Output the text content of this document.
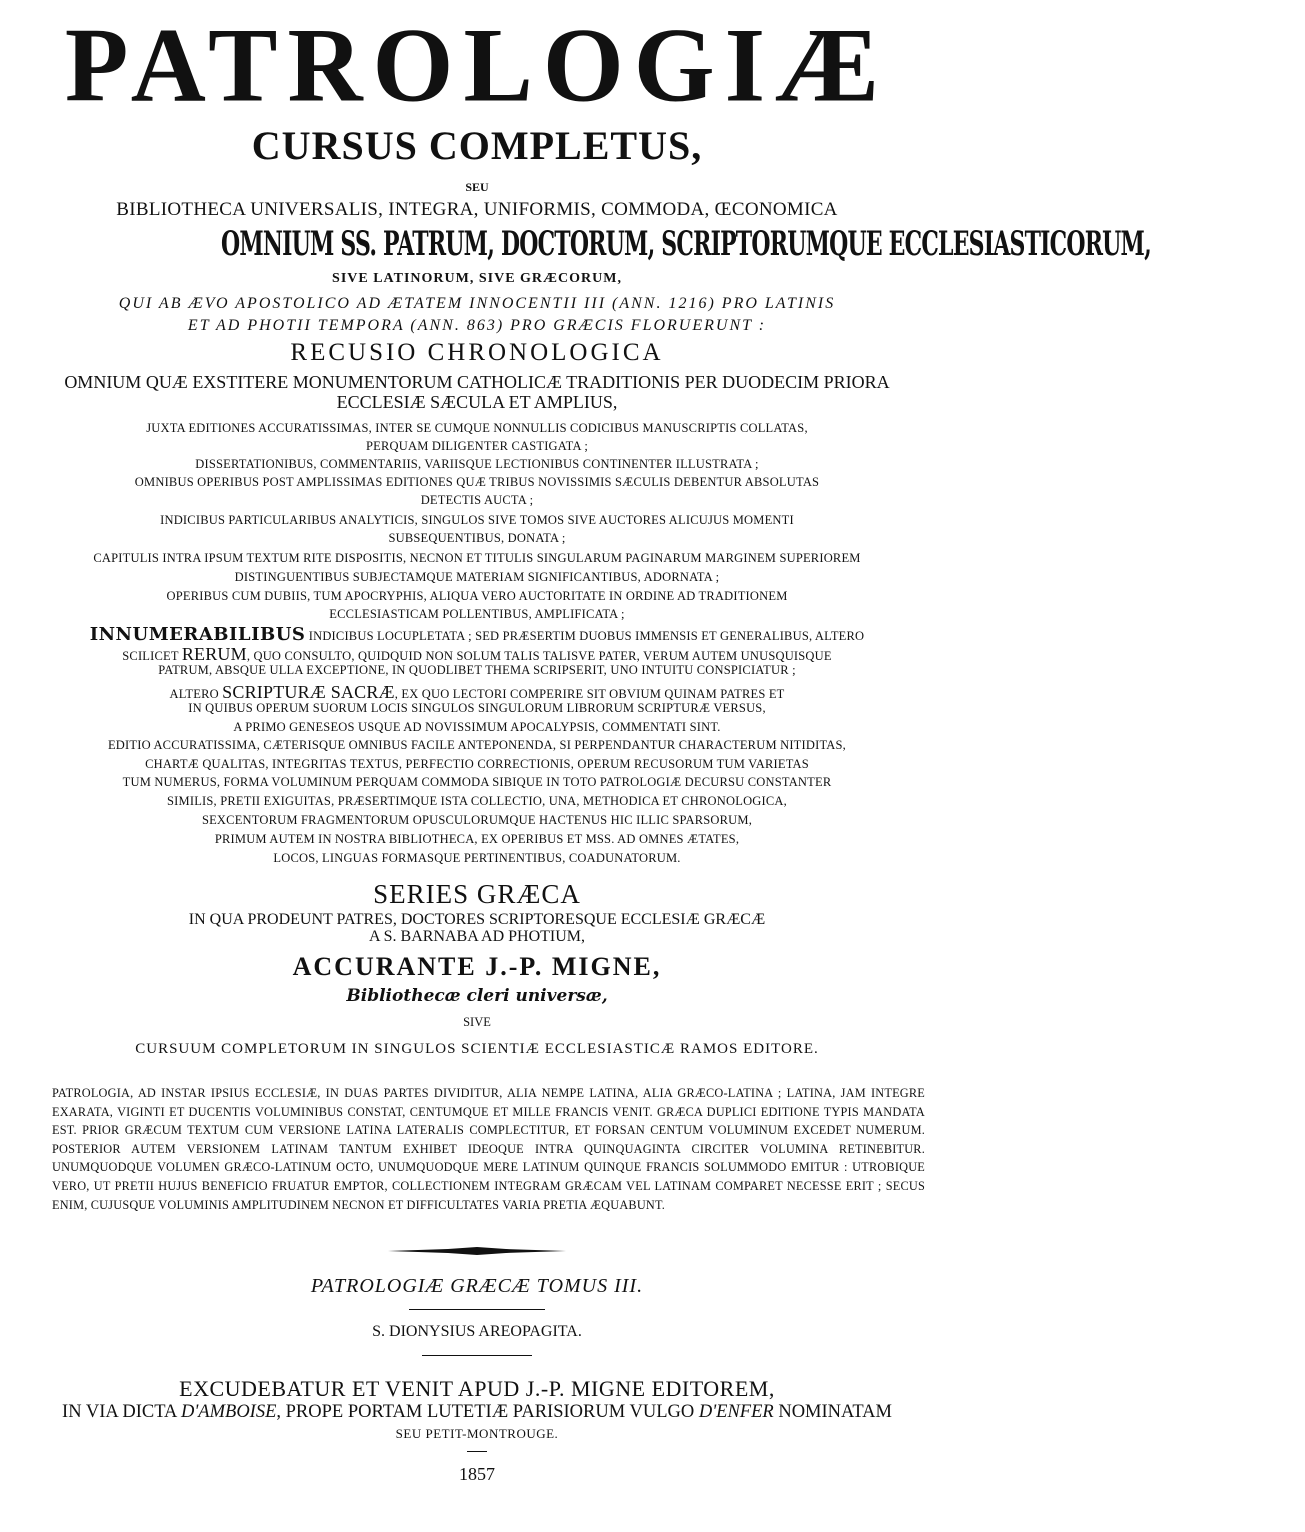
PATROLOGIÆ
CURSUS COMPLETUS,
SEU
BIBLIOTHECA UNIVERSALIS, INTEGRA, UNIFORMIS, COMMODA, ŒCONOMICA
OMNIUM SS. PATRUM, DOCTORUM, SCRIPTORUMQUE ECCLESIASTICORUM,
SIVE LATINORUM, SIVE GRÆCORUM,
QUI AB ÆVO APOSTOLICO AD ÆTATEM INNOCENTII III (ANN. 1216) PRO LATINIS
ET AD PHOTII TEMPORA (ANN. 863) PRO GRÆCIS FLORUERUNT :
RECUSIO CHRONOLOGICA
OMNIUM QUÆ EXSTITERE MONUMENTORUM CATHOLICÆ TRADITIONIS PER DUODECIM PRIORA
ECCLESIÆ SÆCULA ET AMPLIUS,
JUXTA EDITIONES ACCURATISSIMAS, INTER SE CUMQUE NONNULLIS CODICIBUS MANUSCRIPTIS COLLATAS,
PERQUAM DILIGENTER CASTIGATA ;
DISSERTATIONIBUS, COMMENTARIIS, VARIISQUE LECTIONIBUS CONTINENTER ILLUSTRATA ;
OMNIBUS OPERIBUS POST AMPLISSIMAS EDITIONES QUÆ TRIBUS NOVISSIMIS SÆCULIS DEBENTUR ABSOLUTAS
DETECTIS AUCTA ;
INDICIBUS PARTICULARIBUS ANALYTICIS, SINGULOS SIVE TOMOS SIVE AUCTORES ALICUJUS MOMENTI
SUBSEQUENTIBUS, DONATA ;
CAPITULIS INTRA IPSUM TEXTUM RITE DISPOSITIS, NECNON ET TITULIS SINGULARUM PAGINARUM MARGINEM SUPERIOREM
DISTINGUENTIBUS SUBJECTAMQUE MATERIAM SIGNIFICANTIBUS, ADORNATA ;
OPERIBUS CUM DUBIIS, TUM APOCRYPHIS, ALIQUA VERO AUCTORITATE IN ORDINE AD TRADITIONEM
ECCLESIASTICAM POLLENTIBUS, AMPLIFICATA ;
INNUMERABILIBUS INDICIBUS LOCUPLETATA ; SED PRÆSERTIM DUOBUS IMMENSIS ET GENERALIBUS, ALTERO
SCILICET RERUM, QUO CONSULTO, QUIDQUID NON SOLUM TALIS TALISVE PATER, VERUM AUTEM UNUSQUISQUE
PATRUM, ABSQUE ULLA EXCEPTIONE, IN QUODLIBET THEMA SCRIPSERIT, UNO INTUITU CONSPICIATUR ;
ALTERO SCRIPTURÆ SACRÆ, EX QUO LECTORI COMPERIRE SIT OBVIUM QUINAM PATRES ET
IN QUIBUS OPERUM SUORUM LOCIS SINGULOS SINGULORUM LIBRORUM SCRIPTURÆ VERSUS,
A PRIMO GENESEOS USQUE AD NOVISSIMUM APOCALYPSIS, COMMENTATI SINT.
EDITIO ACCURATISSIMA, CÆTERISQUE OMNIBUS FACILE ANTEPONENDA, SI PERPENDANTUR CHARACTERUM NITIDITAS,
CHARTÆ QUALITAS, INTEGRITAS TEXTUS, PERFECTIO CORRECTIONIS, OPERUM RECUSORUM TUM VARIETAS
TUM NUMERUS, FORMA VOLUMINUM PERQUAM COMMODA SIBIQUE IN TOTO PATROLOGIÆ DECURSU CONSTANTER
SIMILIS, PRETII EXIGUITAS, PRÆSERTIMQUE ISTA COLLECTIO, UNA, METHODICA ET CHRONOLOGICA,
SEXCENTORUM FRAGMENTORUM OPUSCULORUMQUE HACTENUS HIC ILLIC SPARSORUM,
PRIMUM AUTEM IN NOSTRA BIBLIOTHECA, EX OPERIBUS ET MSS. AD OMNES ÆTATES,
LOCOS, LINGUAS FORMASQUE PERTINENTIBUS, COADUNATORUM.
SERIES GRÆCA
IN QUA PRODEUNT PATRES, DOCTORES SCRIPTORESQUE ECCLESIÆ GRÆCÆ
A S. BARNABA AD PHOTIUM,
ACCURANTE J.-P. MIGNE,
Bibliothecæ cleri universæ,
SIVE
CURSUUM COMPLETORUM IN SINGULOS SCIENTIÆ ECCLESIASTICÆ RAMOS EDITORE.
PATROLOGIA, AD INSTAR IPSIUS ECCLESIÆ, IN DUAS PARTES DIVIDITUR, ALIA NEMPE LATINA, ALIA GRÆCO-LATINA ; LATINA, JAM INTEGRE EXARATA, VIGINTI ET DUCENTIS VOLUMINIBUS CONSTAT, CENTUMQUE ET MILLE FRANCIS VENIT. GRÆCA DUPLICI EDITIONE TYPIS MANDATA EST. PRIOR GRÆCUM TEXTUM CUM VERSIONE LATINA LATERALIS COMPLECTITUR, ET FORSAN CENTUM VOLUMINUM EXCEDET NUMERUM. POSTERIOR AUTEM VERSIONEM LATINAM TANTUM EXHIBET IDEOQUE INTRA QUINQUAGINTA CIRCITER VOLUMINA RETINEBITUR. UNUMQUODQUE VOLUMEN GRÆCO-LATINUM OCTO, UNUMQUODQUE MERE LATINUM QUINQUE FRANCIS SOLUMMODO EMITUR : UTROBIQUE VERO, UT PRETII HUJUS BENEFICIO FRUATUR EMPTOR, COLLECTIONEM INTEGRAM GRÆCAM VEL LATINAM COMPARET NECESSE ERIT ; SECUS ENIM, CUJUSQUE VOLUMINIS AMPLITUDINEM NECNON ET DIFFICULTATES VARIA PRETIA ÆQUABUNT.
PATROLOGIÆ GRÆCÆ TOMUS III.
S. DIONYSIUS AREOPAGITA.
EXCUDEBATUR ET VENIT APUD J.-P. MIGNE EDITOREM,
IN VIA DICTA D'AMBOISE, PROPE PORTAM LUTETIÆ PARISIORUM VULGO D'ENFER NOMINATAM
SEU PETIT-MONTROUGE.
1857
